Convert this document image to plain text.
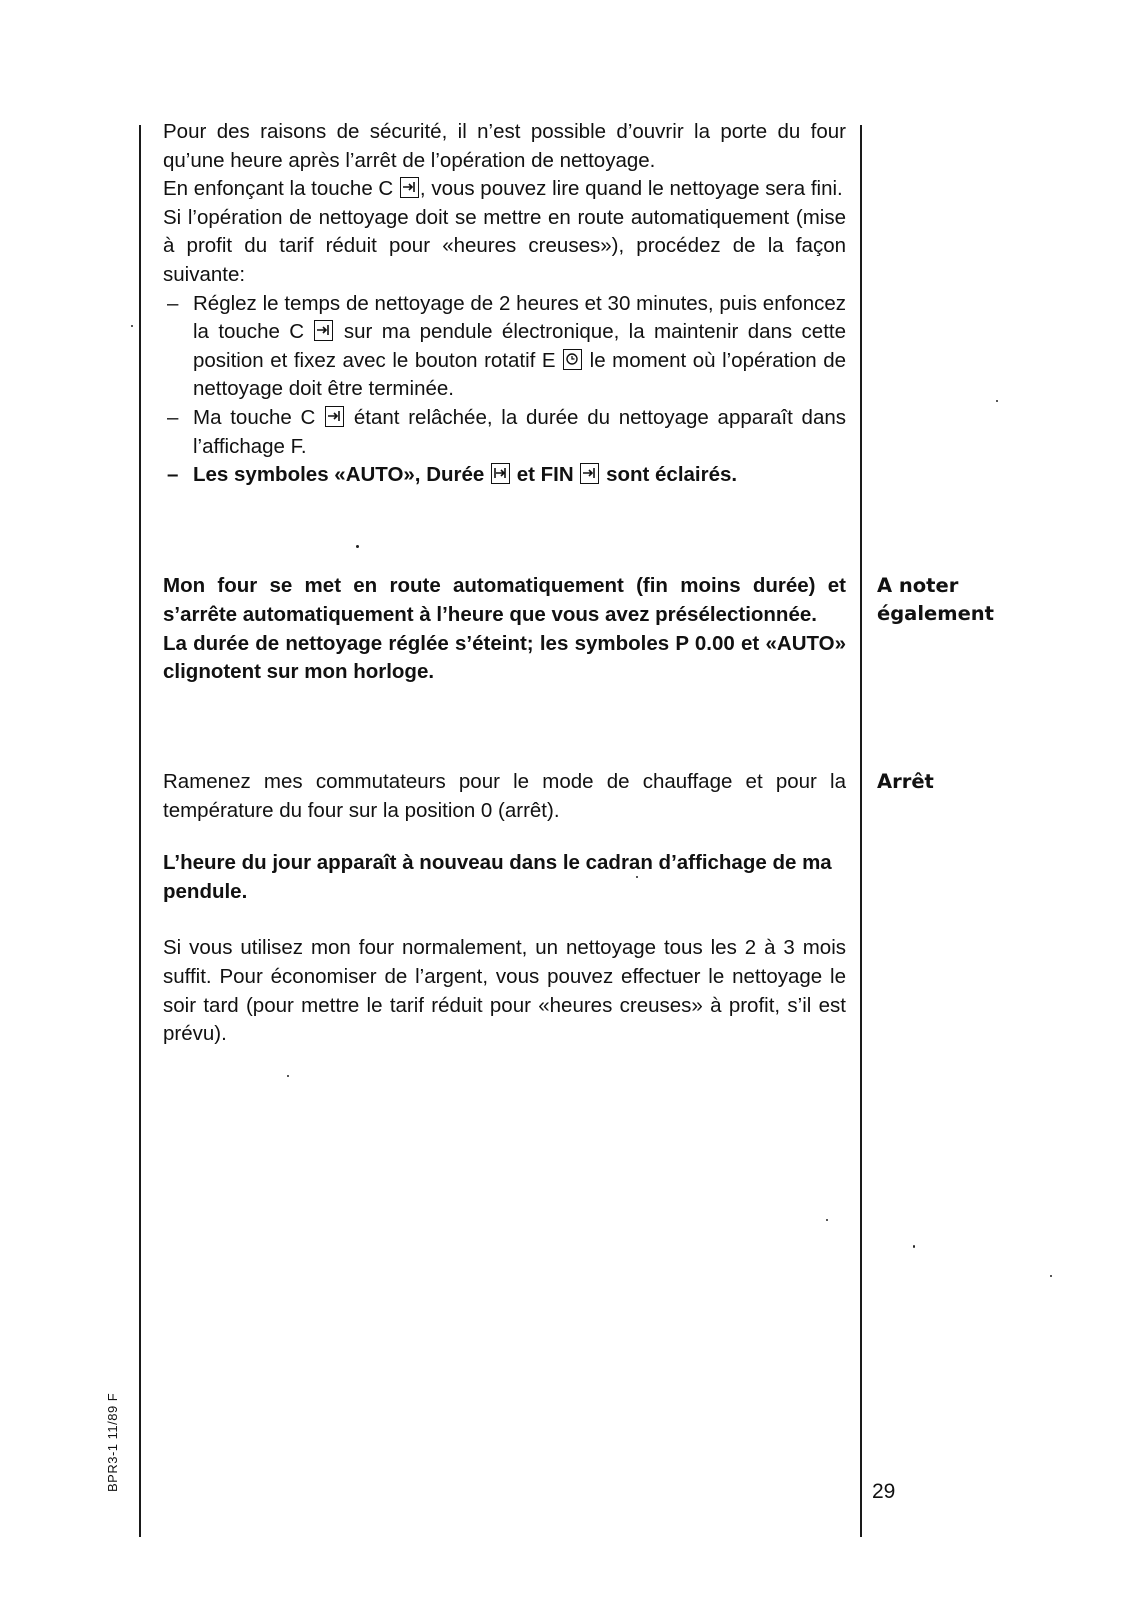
Pour des raisons de sécurité, il n’est possible d’ouvrir la porte du four qu’une heure après l’arrêt de l’opération de nettoyage.

En enfonçant la touche C , vous pouvez lire quand le nettoyage sera fini.

Si l’opération de nettoyage doit se mettre en route automatiquement (mise à profit du tarif réduit pour «heures creuses»), procédez de la façon suivante:

– Réglez le temps de nettoyage de 2 heures et 30 minutes, puis enfoncez la touche C sur ma pendule électronique, la maintenir dans cette position et fixez avec le bouton rotatif E le moment où l’opération de nettoyage doit être terminée.
– Ma touche C étant relâchée, la durée du nettoyage apparaît dans l’affichage F.
– Les symboles «AUTO», Durée et FIN sont éclairés.

Mon four se met en route automatiquement (fin moins durée) et s’arrête automatiquement à l’heure que vous avez présélectionnée.

La durée de nettoyage réglée s’éteint; les symboles P 0.00 et «AUTO» clignotent sur mon horloge.

A noter
également

Ramenez mes commutateurs pour le mode de chauffage et pour la température du four sur la position 0 (arrêt).

Arrêt

L’heure du jour apparaît à nouveau dans le cadran d’affichage de ma pendule.

Si vous utilisez mon four normalement, un nettoyage tous les 2 à 3 mois suffit. Pour économiser de l’argent, vous pouvez effectuer le nettoyage le soir tard (pour mettre le tarif réduit pour «heures creuses» à profit, s’il est prévu).

BPR3-1 11/89 F	29
